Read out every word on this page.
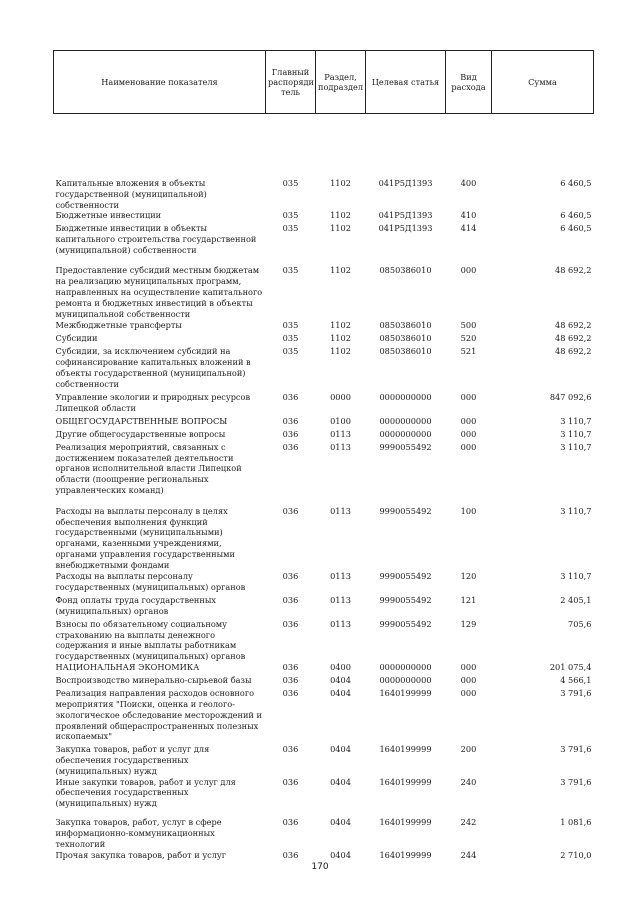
Наименование показателя	Главный распоряди тель	Раздел, подраздел	Целевая статья	Вид расхода	Сумма
Капитальные вложения в объекты государственной (муниципальной) собственности	035	1102	041Р5Д1393	400	6 460,5
Бюджетные инвестиции	035	1102	041Р5Д1393	410	6 460,5
Бюджетные инвестиции в объекты капитального строительства государственной (муниципальной) собственности	035	1102	041Р5Д1393	414	6 460,5
Предоставление субсидий местным бюджетам на реализацию муниципальных программ, направленных на осуществление капитального ремонта и бюджетных инвестиций в объекты муниципальной собственности	035	1102	0850386010	000	48 692,2
Межбюджетные трансферты	035	1102	0850386010	500	48 692,2
Субсидии	035	1102	0850386010	520	48 692,2
Субсидии, за исключением субсидий на софинансирование капитальных вложений в объекты государственной (муниципальной) собственности	035	1102	0850386010	521	48 692,2
Управление экологии и природных ресурсов Липецкой области	036	0000	0000000000	000	847 092,6
ОБЩЕГОСУДАРСТВЕННЫЕ ВОПРОСЫ	036	0100	0000000000	000	3 110,7
Другие общегосударственные вопросы	036	0113	0000000000	000	3 110,7
Реализация мероприятий, связанных с достижением показателей деятельности органов исполнительной власти Липецкой области (поощрение региональных управленческих команд)	036	0113	9990055492	000	3 110,7
Расходы на выплаты персоналу в целях обеспечения выполнения функций государственными (муниципальными) органами, казенными учреждениями, органами управления государственными внебюджетными фондами	036	0113	9990055492	100	3 110,7
Расходы на выплаты персоналу государственных (муниципальных) органов	036	0113	9990055492	120	3 110,7
Фонд оплаты труда государственных (муниципальных) органов	036	0113	9990055492	121	2 405,1
Взносы по обязательному социальному страхованию на выплаты денежного содержания и иные выплаты работникам государственных (муниципальных) органов	036	0113	9990055492	129	705,6
НАЦИОНАЛЬНАЯ ЭКОНОМИКА	036	0400	0000000000	000	201 075,4
Воспроизводство минерально-сырьевой базы	036	0404	0000000000	000	4 566,1
Реализация направления расходов основного мероприятия "Поиски, оценка и геолого-экологическое обследование месторождений и проявлений общераспространенных полезных ископаемых"	036	0404	1640199999	000	3 791,6
Закупка товаров, работ и услуг для обеспечения государственных (муниципальных) нужд	036	0404	1640199999	200	3 791,6
Иные закупки товаров, работ и услуг для обеспечения государственных (муниципальных) нужд	036	0404	1640199999	240	3 791,6
Закупка товаров, работ, услуг в сфере информационно-коммуникационных технологий	036	0404	1640199999	242	1 081,6
Прочая закупка товаров, работ и услуг	036	0404	1640199999	244	2 710,0
170
